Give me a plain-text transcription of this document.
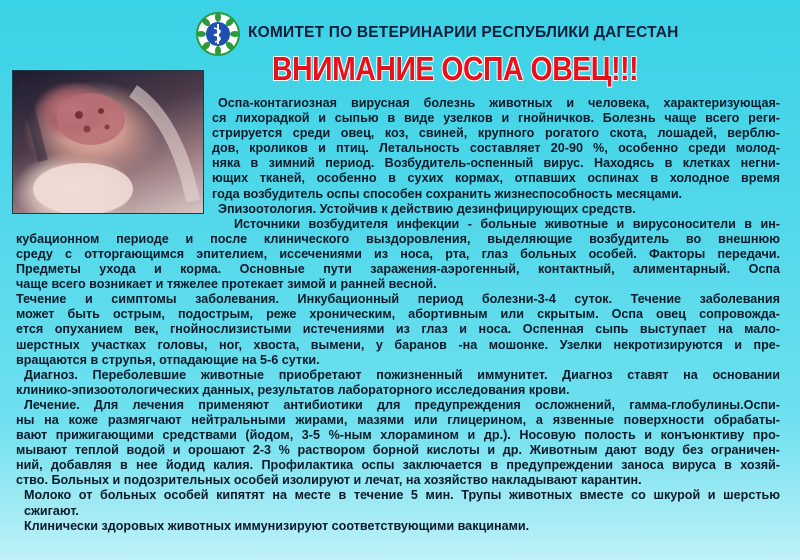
КОМИТЕТ ПО ВЕТЕРИНАРИИ РЕСПУБЛИКИ ДАГЕСТАН
ВНИМАНИЕ ОСПА ОВЕЦ!!!
Оспа-контагиозная вирусная болезнь животных и человека, характеризующая-
ся лихорадкой и сыпью в виде узелков и гнойничков. Болезнь чаще всего реги-
стрируется среди овец, коз, свиней, крупного рогатого скота, лошадей, верблю-
дов, кроликов и птиц. Летальность составляет 20-90 %, особенно среди молод-
няка в зимний период. Возбудитель-оспенный вирус. Находясь в клетках негни-
ющих тканей, особенно в сухих кормах, отпавших оспинах в холодное время
года возбудитель оспы способен сохранить жизнеспособность месяцами.
Эпизоотология. Устойчив к действию дезинфицирующих средств.
Источники возбудителя инфекции - больные животные и вирусоносители в ин-
кубационном периоде и после клинического выздоровления, выделяющие возбудитель во внешнюю
среду с отторгающимся эпителием, иссечениями из носа, рта, глаз больных особей. Факторы передачи.
Предметы ухода и корма. Основные пути заражения-аэрогенный, контактный, алиментарный. Оспа
чаще всего возникает и тяжелее протекает зимой и ранней весной.
Течение и симптомы заболевания. Инкубационный период болезни-3-4 суток. Течение заболевания
может быть острым, подострым, реже хроническим, абортивным или скрытым. Оспа овец сопровожда-
ется опуханием век, гнойнослизистыми истечениями из глаз и носа. Оспенная сыпь выступает на мало-
шерстных участках головы, ног, хвоста, вымени, у баранов -на мошонке. Узелки некротизируются и пре-
вращаются в струпья, отпадающие на 5-6 сутки.
Диагноз. Переболевшие животные приобретают пожизненный иммунитет. Диагноз ставят на основании
клинико-эпизоотологических данных, результатов лабораторного исследования крови.
Лечение. Для лечения применяют антибиотики для предупреждения осложнений, гамма-глобулины.Оспи-
ны на коже размягчают нейтральными жирами, мазями или глицерином, а язвенные поверхности обрабаты-
вают прижигающими средствами (йодом, 3-5 %-ным хлорамином и др.). Носовую полость и конъюнктиву про-
мывают теплой водой и орошают 2-3 % раствором борной кислоты и др. Животным дают воду без ограничен-
ний, добавляя в нее йодид калия. Профилактика оспы заключается в предупреждении заноса вируса в хозяй-
ство. Больных и подозрительных особей изолируют и лечат, на хозяйство накладывают карантин.
Молоко от больных особей кипятят на месте в течение 5 мин. Трупы животных вместе со шкурой и шерстью
сжигают.
Клинически здоровых животных иммунизируют соответствующими вакцинами.
